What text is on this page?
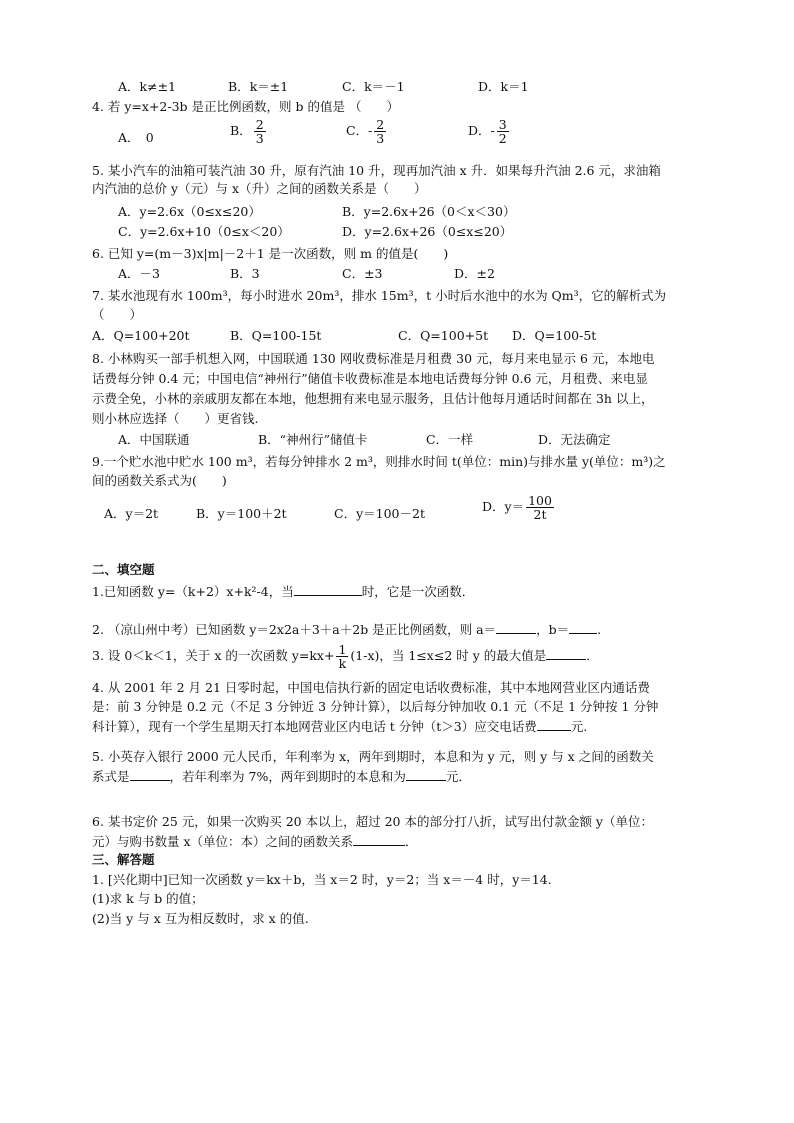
A．k≠±1	B．k＝±1	C．k＝－1	D．k＝1
4. 若 y=x+2-3b 是正比例函数，则 b 的值是 （　　）
A．　0	B． $\frac{2}{3}$	C．- $\frac{2}{3}$	D．- $\frac{3}{2}$
5. 某小汽车的油箱可装汽油 30 升，原有汽油 10 升，现再加汽油 x 升．如果每升汽油 2.6 元，求油箱
内汽油的总价 y（元）与 x（升）之间的函数关系是（　　）
A．y=2.6x（0≤x≤20）	B．y=2.6x+26（0＜x＜30）
C．y=2.6x+10（0≤x＜20）	D．y=2.6x+26（0≤x≤20）
6. 已知 y=(m－3)x|m|－2＋1 是一次函数，则 m 的值是(　　)
A．－3	B．3	C．±3	D．±2
7. 某水池现有水 100m³，每小时进水 20m³，排水 15m³，t 小时后水池中的水为 Qm³，它的解析式为
（　　）
A．Q=100+20t	B．Q=100-15t	C．Q=100+5t D．Q=100-5t
8. 小林购买一部手机想入网，中国联通 130 网收费标准是月租费 30 元，每月来电显示 6 元，本地电
话费每分钟 0.4 元；中国电信“神州行”储值卡收费标准是本地电话费每分钟 0.6 元，月租费、来电显
示费全免，小林的亲戚朋友都在本地，他想拥有来电显示服务，且估计他每月通话时间都在 3h 以上，
则小林应选择（　　）更省钱.
A．中国联通	B．“神州行”储值卡	C．一样	D．无法确定
9.一个贮水池中贮水 100 m³，若每分钟排水 2 m³，则排水时间 t(单位：min)与排水量 y(单位：m³)之
间的函数关系式为(　　)
A．y＝2t	B．y＝100＋2t	C．y＝100－2t	D．$y= \frac{100}{2t}$
二、填空题
1.已知函数 y=（k+2）x+k²-4，当	时，它是一次函数．
2. （凉山州中考）已知函数 y＝2x2a＋3＋a＋2b 是正比例函数，则 a＝	，b＝ .
3. 设 0＜k＜1，关于 x 的一次函数 $y=kx+ \frac{1}{k} (1-x)$，当 1≤x≤2 时 y 的最大值是	．
4. 从 2001 年 2 月 21 日零时起，中国电信执行新的固定电话收费标准，其中本地网营业区内通话费
是：前 3 分钟是 0.2 元（不足 3 分钟近 3 分钟计算），以后每分钟加收 0.1 元（不足 1 分钟按 1 分钟
科计算），现有一个学生星期天打本地网营业区内电话 t 分钟（t＞3）应交电话费	元.
5. 小英存入银行 2000 元人民币，年利率为 x，两年到期时，本息和为 y 元，则 y 与 x 之间的函数关
系式是	，若年利率为 7%，两年到期时的本息和为	元．
6. 某书定价 25 元，如果一次购买 20 本以上，超过 20 本的部分打八折，试写出付款金额 y（单位：
元）与购书数量 x（单位：本）之间的函数关系	．
三、解答题
1. [兴化期中]已知一次函数 y＝kx＋b，当 x＝2 时，y＝2；当 x＝－4 时，y＝14.
(1)求 k 与 b 的值；
(2)当 y 与 x 互为相反数时，求 x 的值.
